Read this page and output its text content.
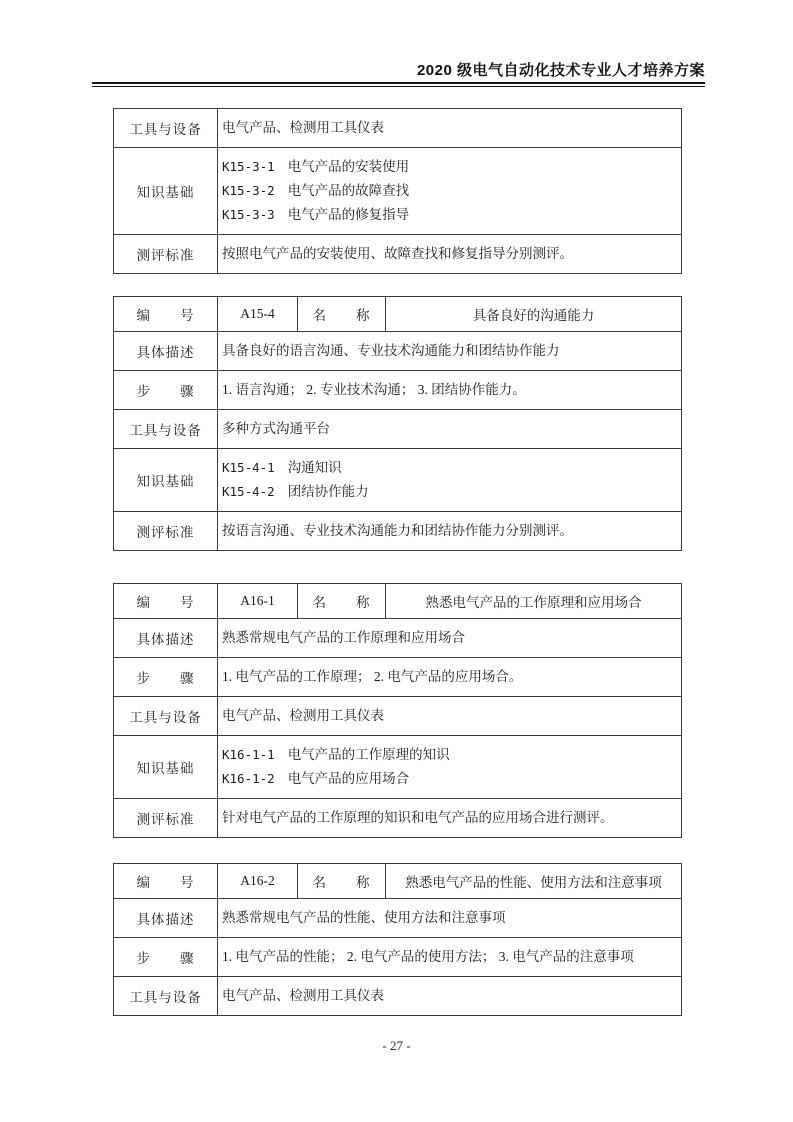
2020 级电气自动化技术专业人才培养方案
工具与设备	电气产品、检测用工具仪表

知识基础	K15-3-1 电气产品的安装使用
K15-3-2 电气产品的故障查找
K15-3-3 电气产品的修复指导

测评标准	按照电气产品的安装使用、故障查找和修复指导分别测评。
编　　号	A15-4	名　　称	具备良好的沟通能力
具体描述	具备良好的语言沟通、专业技术沟通能力和团结协作能力		

步　　骤	1. 语言沟通； 2. 专业技术沟通； 3. 团结协作能力。		

工具与设备	多种方式沟通平台		

知识基础	K15-4-1 沟通知识
K15-4-2 团结协作能力		

测评标准	按语言沟通、专业技术沟通能力和团结协作能力分别测评。		
编　　号	A16-1	名　　称	熟悉电气产品的工作原理和应用场合
具体描述	熟悉常规电气产品的工作原理和应用场合		

步　　骤	1. 电气产品的工作原理； 2. 电气产品的应用场合。		

工具与设备	电气产品、检测用工具仪表		

知识基础	K16-1-1 电气产品的工作原理的知识
K16-1-2 电气产品的应用场合		

测评标准	针对电气产品的工作原理的知识和电气产品的应用场合进行测评。		
编　　号	A16-2	名　　称	熟悉电气产品的性能、使用方法和注意事项
具体描述	熟悉常规电气产品的性能、使用方法和注意事项		

步　　骤	1. 电气产品的性能； 2. 电气产品的使用方法； 3. 电气产品的注意事项		

工具与设备	电气产品、检测用工具仪表		
- 27 -
